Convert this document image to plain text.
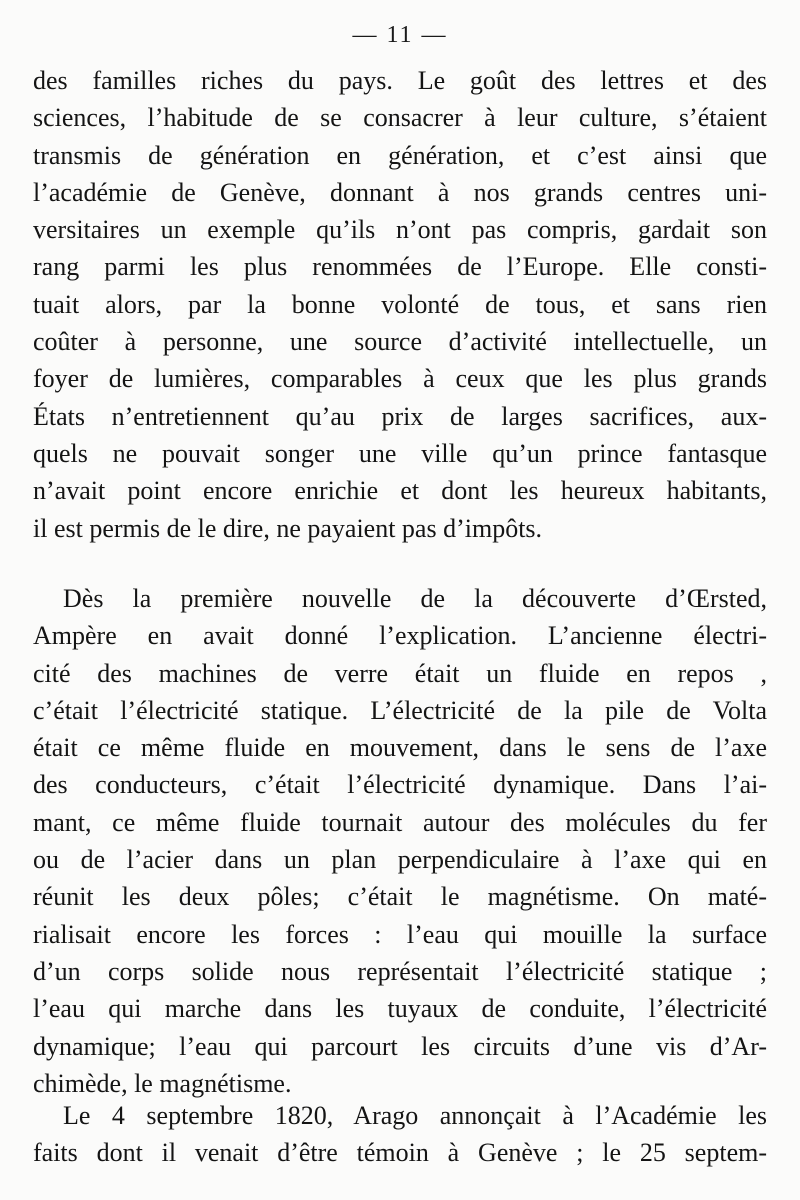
— 11 —
des familles riches du pays. Le goût des lettres et des
sciences, l’habitude de se consacrer à leur culture, s’étaient
transmis de génération en génération, et c’est ainsi que
l’académie de Genève, donnant à nos grands centres uni-
versitaires un exemple qu’ils n’ont pas compris, gardait son
rang parmi les plus renommées de l’Europe. Elle consti-
tuait alors, par la bonne volonté de tous, et sans rien
coûter à personne, une source d’activité intellectuelle, un
foyer de lumières, comparables à ceux que les plus grands
États n’entretiennent qu’au prix de larges sacrifices, aux-
quels ne pouvait songer une ville qu’un prince fantasque
n’avait point encore enrichie et dont les heureux habitants,
il est permis de le dire, ne payaient pas d’impôts.
Dès la première nouvelle de la découverte d’Œrsted,
Ampère en avait donné l’explication. L’ancienne électri-
cité des machines de verre était un fluide en repos ,
c’était l’électricité statique. L’électricité de la pile de Volta
était ce même fluide en mouvement, dans le sens de l’axe
des conducteurs, c’était l’électricité dynamique. Dans l’ai-
mant, ce même fluide tournait autour des molécules du fer
ou de l’acier dans un plan perpendiculaire à l’axe qui en
réunit les deux pôles; c’était le magnétisme. On maté-
rialisait encore les forces : l’eau qui mouille la surface
d’un corps solide nous représentait l’électricité statique ;
l’eau qui marche dans les tuyaux de conduite, l’électricité
dynamique; l’eau qui parcourt les circuits d’une vis d’Ar-
chimède, le magnétisme.
Le 4 septembre 1820, Arago annonçait à l’Académie les
faits dont il venait d’être témoin à Genève ; le 25 septem-
